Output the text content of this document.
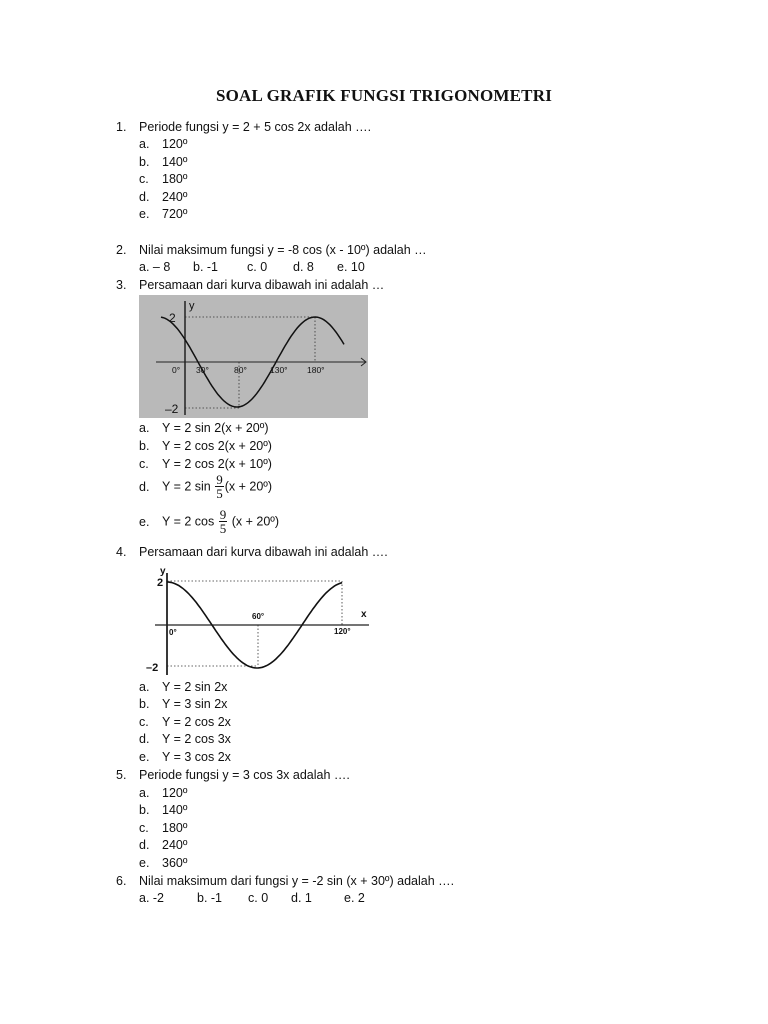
SOAL GRAFIK FUNGSI TRIGONOMETRI
1. Periode fungsi y = 2 + 5 cos 2x adalah ….
a. 120º
b. 140º
c. 180º
d. 240º
e. 720º
2. Nilai maksimum fungsi y = -8 cos (x - 10º) adalah …
a. – 8 b. -1 c. 0 d. 8 e. 10
3. Persamaan dari kurva dibawah ini adalah …
y
2
–2
0° 30°	80°	130° 180°
a. Y = 2 sin 2(x + 20º)
b. Y = 2 cos 2(x + 20º)
c. Y = 2 cos 2(x + 10º)
d. Y = 2 $\sin \frac{9}{5} (x$ + 20º)
e. Y = 2 $\cos \frac{9}{5} (x$ + 20º)
4. Persamaan dari kurva dibawah ini adalah ….
y
x
2
–2
0°
60°
120°
a. Y = 2 sin 2x
b. Y = 3 sin 2x
c. Y = 2 cos 2x
d. Y = 2 cos 3x
e. Y = 3 cos 2x
5. Periode fungsi y = 3 cos 3x adalah ….
a. 120º
b. 140º
c. 180º
d. 240º
e. 360º
6. Nilai maksimum dari fungsi y = -2 sin (x + 30º) adalah ….
a. -2	b. -1 c. 0 d. 1	e. 2
